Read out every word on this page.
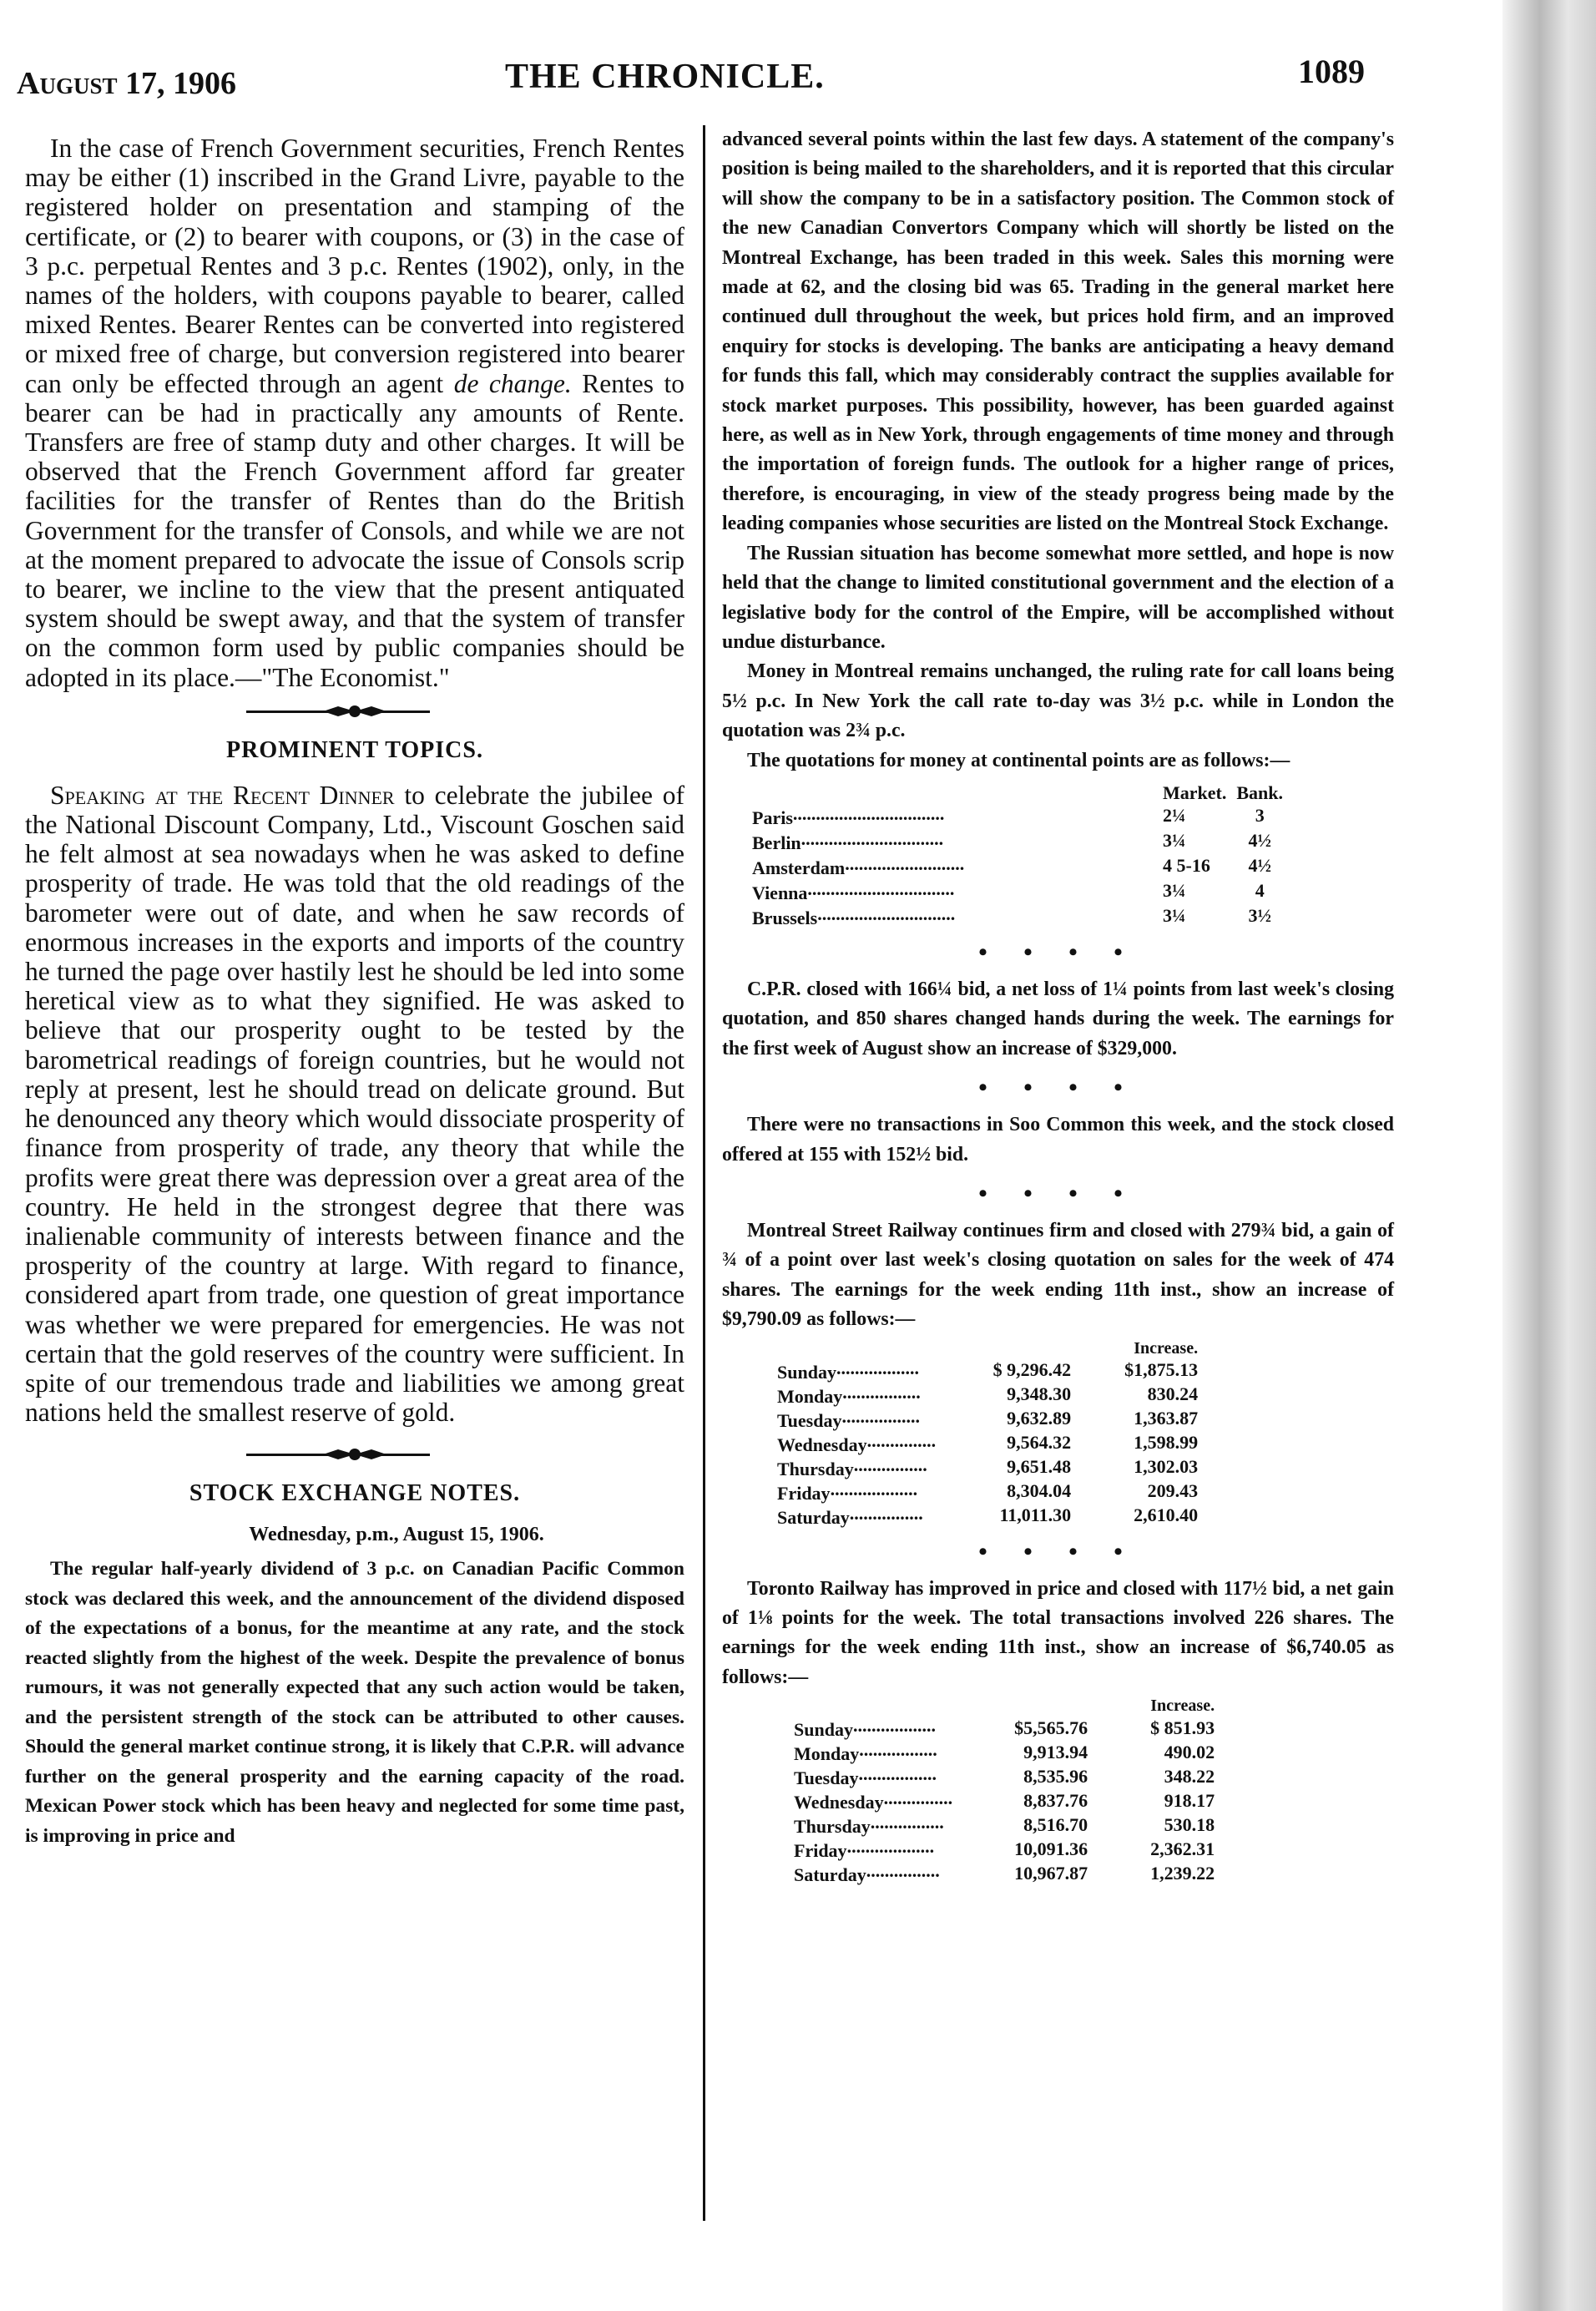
August 17, 1906	THE CHRONICLE.	1089

In the case of French Government securities, French Rentes may be either (1) inscribed in the Grand Livre, payable to the registered holder on presentation and stamping of the certificate, or (2) to bearer with coupons, or (3) in the case of 3 p.c. perpetual Rentes and 3 p.c. Rentes (1902), only, in the names of the holders, with coupons payable to bearer, called mixed Rentes. Bearer Rentes can be converted into registered or mixed free of charge, but conversion registered into bearer can only be effected through an agent de change. Rentes to bearer can be had in practically any amounts of Rente. Transfers are free of stamp duty and other charges. It will be observed that the French Government afford far greater facilities for the transfer of Rentes than do the British Government for the transfer of Consols, and while we are not at the moment prepared to advocate the issue of Consols scrip to bearer, we incline to the view that the present antiquated system should be swept away, and that the system of transfer on the common form used by public companies should be adopted in its place.—"The Economist."

PROMINENT TOPICS.

Speaking at the Recent Dinner to celebrate the jubilee of the National Discount Company, Ltd., Viscount Goschen said he felt almost at sea nowadays when he was asked to define prosperity of trade. He was told that the old readings of the barometer were out of date, and when he saw records of enormous increases in the exports and imports of the country he turned the page over hastily lest he should be led into some heretical view as to what they signified. He was asked to believe that our prosperity ought to be tested by the barometrical readings of foreign countries, but he would not reply at present, lest he should tread on delicate ground. But he denounced any theory which would dissociate prosperity of finance from prosperity of trade, any theory that while the profits were great there was depression over a great area of the country. He held in the strongest degree that there was inalienable community of interests between finance and the prosperity of the country at large. With regard to finance, considered apart from trade, one question of great importance was whether we were prepared for emergencies. He was not certain that the gold reserves of the country were sufficient. In spite of our tremendous trade and liabilities we among great nations held the smallest reserve of gold.

STOCK EXCHANGE NOTES.
Wednesday, p.m., August 15, 1906.

The regular half-yearly dividend of 3 p.c. on Canadian Pacific Common stock was declared this week, and the announcement of the dividend disposed of the expectations of a bonus, for the meantime at any rate, and the stock reacted slightly from the highest of the week. Despite the prevalence of bonus rumours, it was not generally expected that any such action would be taken, and the persistent strength of the stock can be attributed to other causes. Should the general market continue strong, it is likely that C.P.R. will advance further on the general prosperity and the earning capacity of the road. Mexican Power stock which has been heavy and neglected for some time past, is improving in price and

advanced several points within the last few days. A statement of the company's position is being mailed to the shareholders, and it is reported that this circular will show the company to be in a satisfactory position. The Common stock of the new Canadian Convertors Company which will shortly be listed on the Montreal Exchange, has been traded in this week. Sales this morning were made at 62, and the closing bid was 65. Trading in the general market here continued dull throughout the week, but prices hold firm, and an improved enquiry for stocks is developing. The banks are anticipating a heavy demand for funds this fall, which may considerably contract the supplies available for stock market purposes. This possibility, however, has been guarded against here, as well as in New York, through engagements of time money and through the importation of foreign funds. The outlook for a higher range of prices, therefore, is encouraging, in view of the steady progress being made by the leading companies whose securities are listed on the Montreal Stock Exchange.

The Russian situation has become somewhat more settled, and hope is now held that the change to limited constitutional government and the election of a legislative body for the control of the Empire, will be accomplished without undue disturbance.

Money in Montreal remains unchanged, the ruling rate for call loans being 5½ p.c. In New York the call rate to-day was 3½ p.c. while in London the quotation was 2¾ p.c.

The quotations for money at continental points are as follows:—

	Market.	Bank.
Paris.................................	2¼	3
Berlin...............................	3¼	4½
Amsterdam..........................	4 5-16	4½
Vienna................................	3¼	4
Brussels..............................	3¼	3½
• • • •

C.P.R. closed with 166¼ bid, a net loss of 1¼ points from last week's closing quotation, and 850 shares changed hands during the week. The earnings for the first week of August show an increase of $329,000.

• • • •

There were no transactions in Soo Common this week, and the stock closed offered at 155 with 152½ bid.

• • • •

Montreal Street Railway continues firm and closed with 279¾ bid, a gain of ¾ of a point over last week's closing quotation on sales for the week of 474 shares. The earnings for the week ending 11th inst., show an increase of $9,790.09 as follows:—

		Increase.
Sunday..................	$ 9,296.42	$1,875.13
Monday.................	9,348.30	830.24
Tuesday.................	9,632.89	1,363.87
Wednesday...............	9,564.32	1,598.99
Thursday................	9,651.48	1,302.03
Friday...................	8,304.04	209.43
Saturday................	11,011.30	2,610.40
• • • •

Toronto Railway has improved in price and closed with 117½ bid, a net gain of 1⅛ points for the week. The total transactions involved 226 shares. The earnings for the week ending 11th inst., show an increase of $6,740.05 as follows:—

		Increase.
Sunday..................	$5,565.76	$ 851.93
Monday.................	9,913.94	490.02
Tuesday.................	8,535.96	348.22
Wednesday...............	8,837.76	918.17
Thursday................	8,516.70	530.18
Friday...................	10,091.36	2,362.31
Saturday................	10,967.87	1,239.22
